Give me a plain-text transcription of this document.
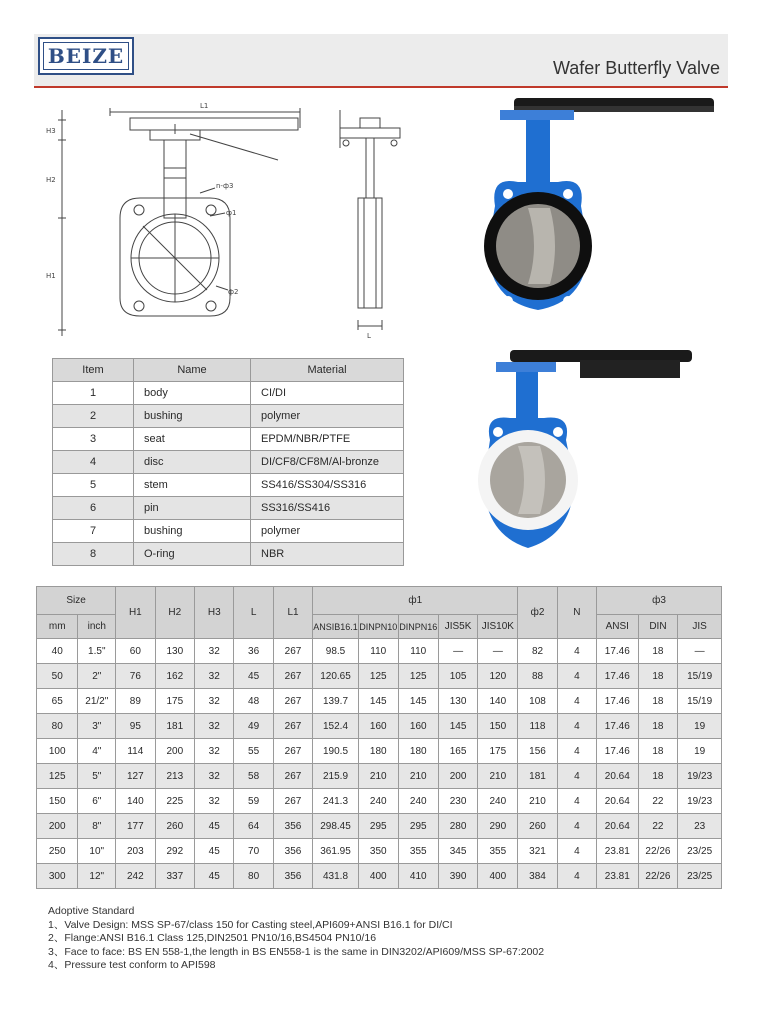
BEIZE	Wafer Butterfly Valve
L1
H3
H2
H1
n-ф3
ф1
ф2
L
Item	Name	Material
1	body	CI/DI
2	bushing	polymer
3	seat	EPDM/NBR/PTFE
4	disc	DI/CF8/CF8M/Al-bronze
5	stem	SS416/SS304/SS316
6	pin	SS316/SS416
7	bushing	polymer
8	O-ring	NBR
Size		H1	H2	H3	L	L1	ф1					ф2	N	ф3		
mm	inch						ANSIB16.1	DINPN10	DINPN16	JIS5K	JIS10K			ANSI	DIN	JIS
40	1.5"	60	130	32	36	267	98.5	110	110	—	—	82	4	17.46	18	—
50	2"	76	162	32	45	267	120.65	125	125	105	120	88	4	17.46	18	15/19
65	21/2"	89	175	32	48	267	139.7	145	145	130	140	108	4	17.46	18	15/19
80	3"	95	181	32	49	267	152.4	160	160	145	150	118	4	17.46	18	19
100	4"	114	200	32	55	267	190.5	180	180	165	175	156	4	17.46	18	19
125	5"	127	213	32	58	267	215.9	210	210	200	210	181	4	20.64	18	19/23
150	6"	140	225	32	59	267	241.3	240	240	230	240	210	4	20.64	22	19/23
200	8"	177	260	45	64	356	298.45	295	295	280	290	260	4	20.64	22	23
250	10"	203	292	45	70	356	361.95	350	355	345	355	321	4	23.81	22/26	23/25
300	12"	242	337	45	80	356	431.8	400	410	390	400	384	4	23.81	22/26	23/25
Adoptive Standard
1、Valve Design: MSS SP-67/class 150 for Casting steel,API609+ANSI B16.1 for DI/CI
2、Flange:ANSI B16.1 Class 125,DIN2501 PN10/16,BS4504 PN10/16
3、Face to face: BS EN 558-1,the length in BS EN558-1 is the same in DIN3202/API609/MSS SP-67:2002
4、Pressure test conform to API598
